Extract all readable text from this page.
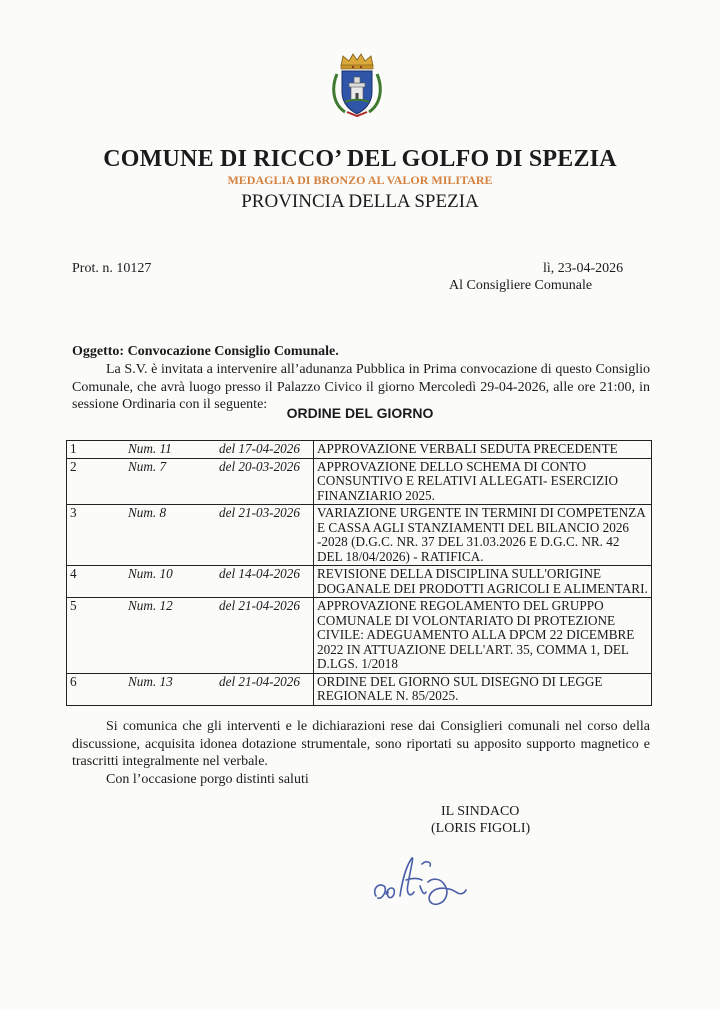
COMUNE DI RICCO’ DEL GOLFO DI SPEZIA
MEDAGLIA DI BRONZO AL VALOR MILITARE
PROVINCIA DELLA SPEZIA
Prot. n. 10127	lì, 23-04-2026
Al Consigliere Comunale
Oggetto: Convocazione Consiglio Comunale.
La S.V. è invitata a intervenire all’adunanza Pubblica in Prima convocazione di questo Consiglio Comunale, che avrà luogo presso il Palazzo Civico il giorno Mercoledì 29-04-2026, alle ore 21:00, in sessione Ordinaria con il seguente:
ORDINE DEL GIORNO
1	Num. 11	del 17-04-2026	APPROVAZIONE VERBALI SEDUTA PRECEDENTE
2	Num. 7	del 20-03-2026	APPROVAZIONE DELLO SCHEMA DI CONTO CONSUNTIVO E RELATIVI ALLEGATI- ESERCIZIO FINANZIARIO 2025.
3	Num. 8	del 21-03-2026	VARIAZIONE URGENTE IN TERMINI DI COMPETENZA E CASSA AGLI STANZIAMENTI DEL BILANCIO 2026 -2028 (D.G.C. NR. 37 DEL 31.03.2026 E D.G.C. NR. 42 DEL 18/04/2026) - RATIFICA.
4	Num. 10	del 14-04-2026	REVISIONE DELLA DISCIPLINA SULL'ORIGINE DOGANALE DEI PRODOTTI AGRICOLI E ALIMENTARI.
5	Num. 12	del 21-04-2026	APPROVAZIONE REGOLAMENTO DEL GRUPPO COMUNALE DI VOLONTARIATO DI PROTEZIONE CIVILE: ADEGUAMENTO ALLA DPCM 22 DICEMBRE 2022 IN ATTUAZIONE DELL'ART. 35, COMMA 1, DEL D.LGS. 1/2018
6	Num. 13	del 21-04-2026	ORDINE DEL GIORNO SUL DISEGNO DI LEGGE REGIONALE N. 85/2025.
Si comunica che gli interventi e le dichiarazioni rese dai Consiglieri comunali nel corso della discussione, acquisita idonea dotazione strumentale, sono riportati su apposito supporto magnetico e trascritti integralmente nel verbale.
Con l’occasione porgo distinti saluti
IL SINDACO
(LORIS FIGOLI)
